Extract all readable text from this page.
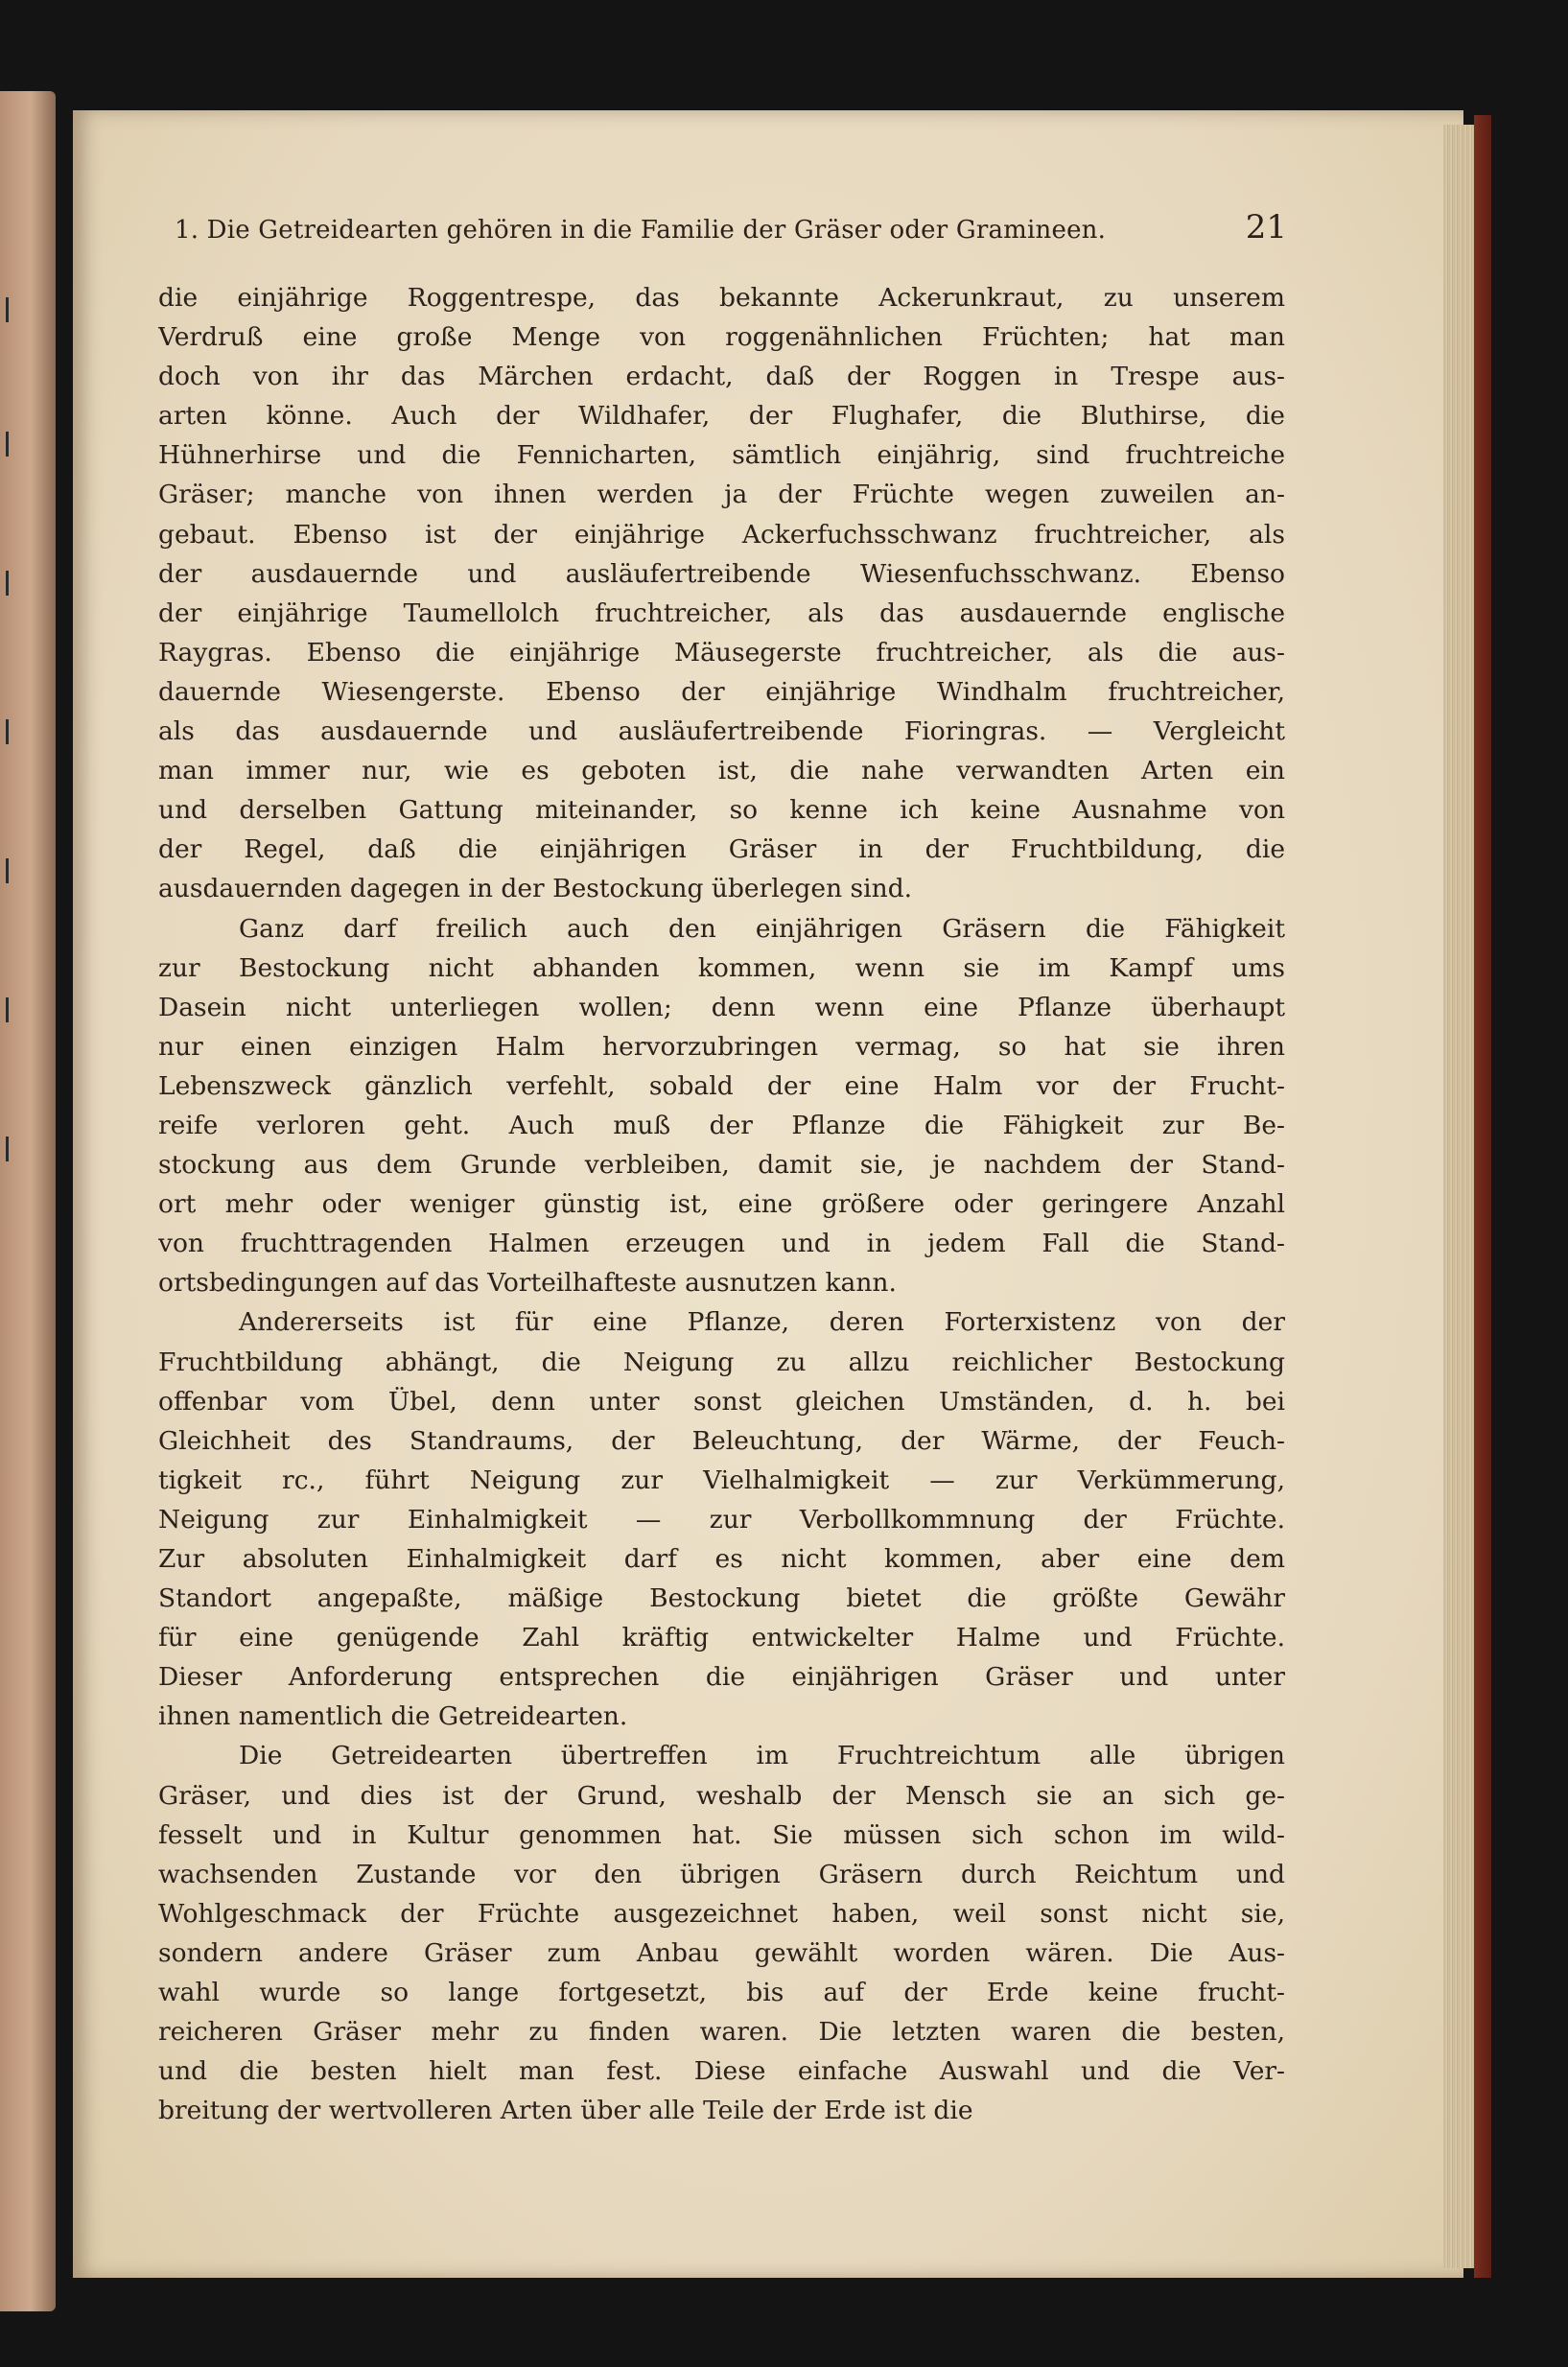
1. Die Getreidearten gehören in die Familie der Gräser oder Gramineen.	21
die einjährige Roggentrespe, das bekannte Ackerunkraut, zu unserem
Verdruß eine große Menge von roggenähnlichen Früchten; hat man
doch von ihr das Märchen erdacht, daß der Roggen in Trespe aus-
arten könne. Auch der Wildhafer, der Flughafer, die Bluthirse, die
Hühnerhirse und die Fennicharten, sämtlich einjährig, sind fruchtreiche
Gräser; manche von ihnen werden ja der Früchte wegen zuweilen an-
gebaut. Ebenso ist der einjährige Ackerfuchsschwanz fruchtreicher, als
der ausdauernde und ausläufertreibende Wiesenfuchsschwanz. Ebenso
der einjährige Taumellolch fruchtreicher, als das ausdauernde englische
Raygras. Ebenso die einjährige Mäusegerste fruchtreicher, als die aus-
dauernde Wiesengerste. Ebenso der einjährige Windhalm fruchtreicher,
als das ausdauernde und ausläufertreibende Fioringras. — Vergleicht
man immer nur, wie es geboten ist, die nahe verwandten Arten ein
und derselben Gattung miteinander, so kenne ich keine Ausnahme von
der Regel, daß die einjährigen Gräser in der Fruchtbildung, die
ausdauernden dagegen in der Bestockung überlegen sind.
Ganz darf freilich auch den einjährigen Gräsern die Fähigkeit
zur Bestockung nicht abhanden kommen, wenn sie im Kampf ums
Dasein nicht unterliegen wollen; denn wenn eine Pflanze überhaupt
nur einen einzigen Halm hervorzubringen vermag, so hat sie ihren
Lebenszweck gänzlich verfehlt, sobald der eine Halm vor der Frucht-
reife verloren geht. Auch muß der Pflanze die Fähigkeit zur Be-
stockung aus dem Grunde verbleiben, damit sie, je nachdem der Stand-
ort mehr oder weniger günstig ist, eine größere oder geringere Anzahl
von fruchttragenden Halmen erzeugen und in jedem Fall die Stand-
ortsbedingungen auf das Vorteilhafteste ausnutzen kann.
Andererseits ist für eine Pflanze, deren Forterxistenz von der
Fruchtbildung abhängt, die Neigung zu allzu reichlicher Bestockung
offenbar vom Übel, denn unter sonst gleichen Umständen, d. h. bei
Gleichheit des Standraums, der Beleuchtung, der Wärme, der Feuch-
tigkeit rc., führt Neigung zur Vielhalmigkeit — zur Verkümmerung,
Neigung zur Einhalmigkeit — zur Verbollkommnung der Früchte.
Zur absoluten Einhalmigkeit darf es nicht kommen, aber eine dem
Standort angepaßte, mäßige Bestockung bietet die größte Gewähr
für eine genügende Zahl kräftig entwickelter Halme und Früchte.
Dieser Anforderung entsprechen die einjährigen Gräser und unter
ihnen namentlich die Getreidearten.
Die Getreidearten übertreffen im Fruchtreichtum alle übrigen
Gräser, und dies ist der Grund, weshalb der Mensch sie an sich ge-
fesselt und in Kultur genommen hat. Sie müssen sich schon im wild-
wachsenden Zustande vor den übrigen Gräsern durch Reichtum und
Wohlgeschmack der Früchte ausgezeichnet haben, weil sonst nicht sie,
sondern andere Gräser zum Anbau gewählt worden wären. Die Aus-
wahl wurde so lange fortgesetzt, bis auf der Erde keine frucht-
reicheren Gräser mehr zu finden waren. Die letzten waren die besten,
und die besten hielt man fest. Diese einfache Auswahl und die Ver-
breitung der wertvolleren Arten über alle Teile der Erde ist die
